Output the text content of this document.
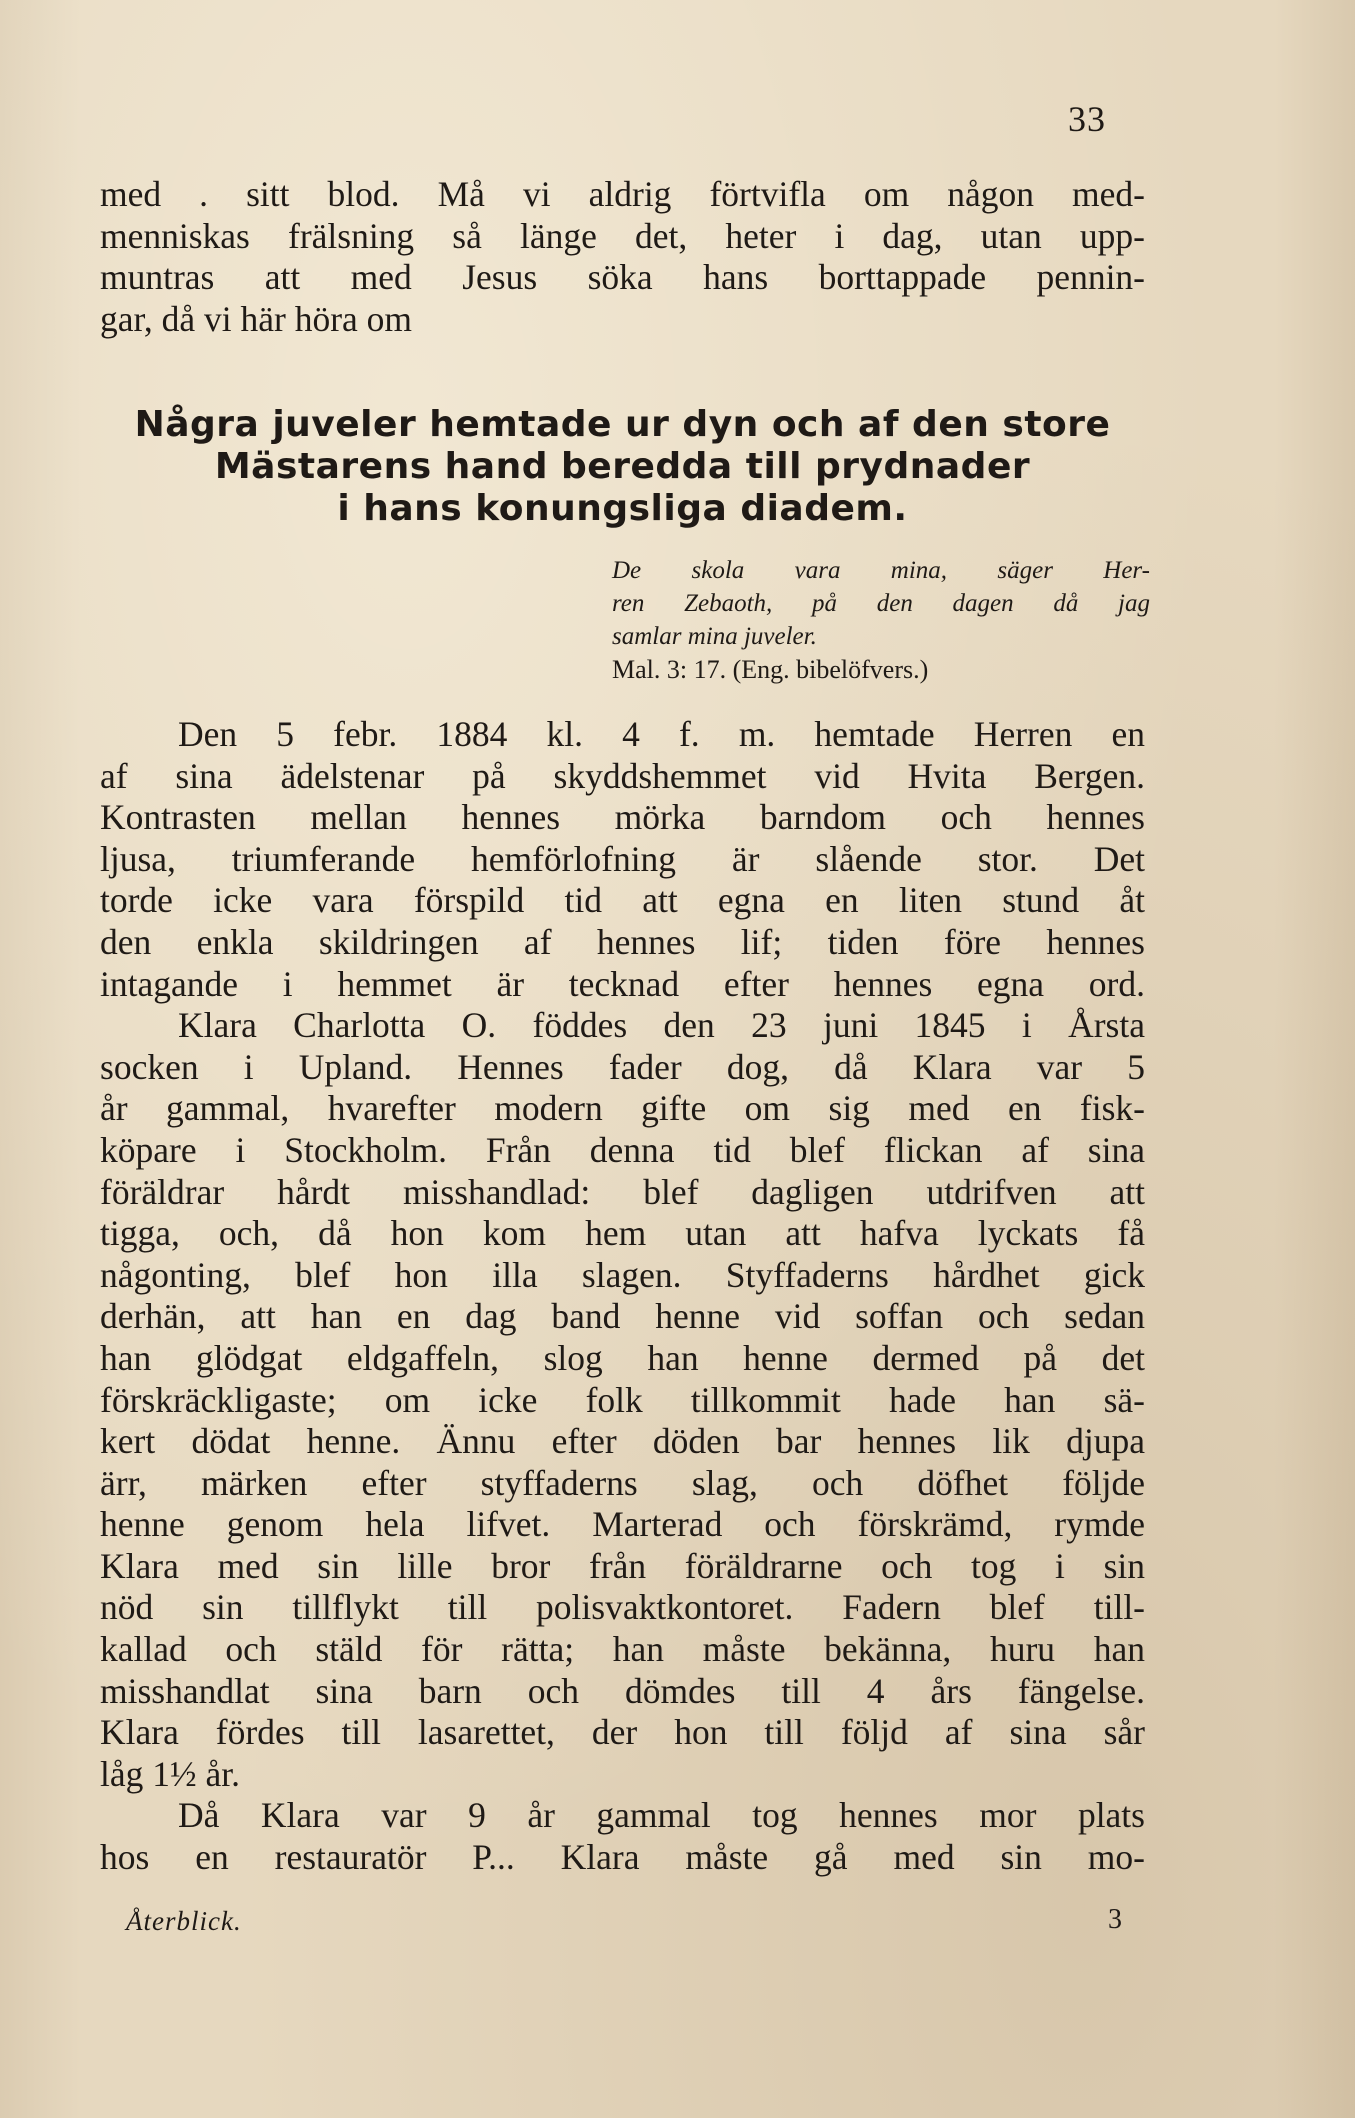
33
med . sitt blod. Må vi aldrig förtvifla om någon med-
menniskas frälsning så länge det, heter i dag, utan upp-
muntras att med Jesus söka hans borttappade pennin-
gar, då vi här höra om
Några juveler hemtade ur dyn och af den store
Mästarens hand beredda till prydnader
i hans konungsliga diadem.
De skola vara mina, säger Her-
ren Zebaoth, på den dagen då jag
samlar mina juveler.
Mal. 3: 17. (Eng. bibelöfvers.)
Den 5 febr. 1884 kl. 4 f. m. hemtade Herren en
af sina ädelstenar på skyddshemmet vid Hvita Bergen.
Kontrasten mellan hennes mörka barndom och hennes
ljusa, triumferande hemförlofning är slående stor. Det
torde icke vara förspild tid att egna en liten stund åt
den enkla skildringen af hennes lif; tiden före hennes
intagande i hemmet är tecknad efter hennes egna ord.
Klara Charlotta O. föddes den 23 juni 1845 i Årsta
socken i Upland. Hennes fader dog, då Klara var 5
år gammal, hvarefter modern gifte om sig med en fisk-
köpare i Stockholm. Från denna tid blef flickan af sina
föräldrar hårdt misshandlad: blef dagligen utdrifven att
tigga, och, då hon kom hem utan att hafva lyckats få
någonting, blef hon illa slagen. Styffaderns hårdhet gick
derhän, att han en dag band henne vid soffan och sedan
han glödgat eldgaffeln, slog han henne dermed på det
förskräckligaste; om icke folk tillkommit hade han sä-
kert dödat henne. Ännu efter döden bar hennes lik djupa
ärr, märken efter styffaderns slag, och döfhet följde
henne genom hela lifvet. Marterad och förskrämd, rymde
Klara med sin lille bror från föräldrarne och tog i sin
nöd sin tillflykt till polisvaktkontoret. Fadern blef till-
kallad och stäld för rätta; han måste bekänna, huru han
misshandlat sina barn och dömdes till 4 års fängelse.
Klara fördes till lasarettet, der hon till följd af sina sår
låg 1½ år.
Då Klara var 9 år gammal tog hennes mor plats
hos en restauratör P... Klara måste gå med sin mo-
Återblick.	3
